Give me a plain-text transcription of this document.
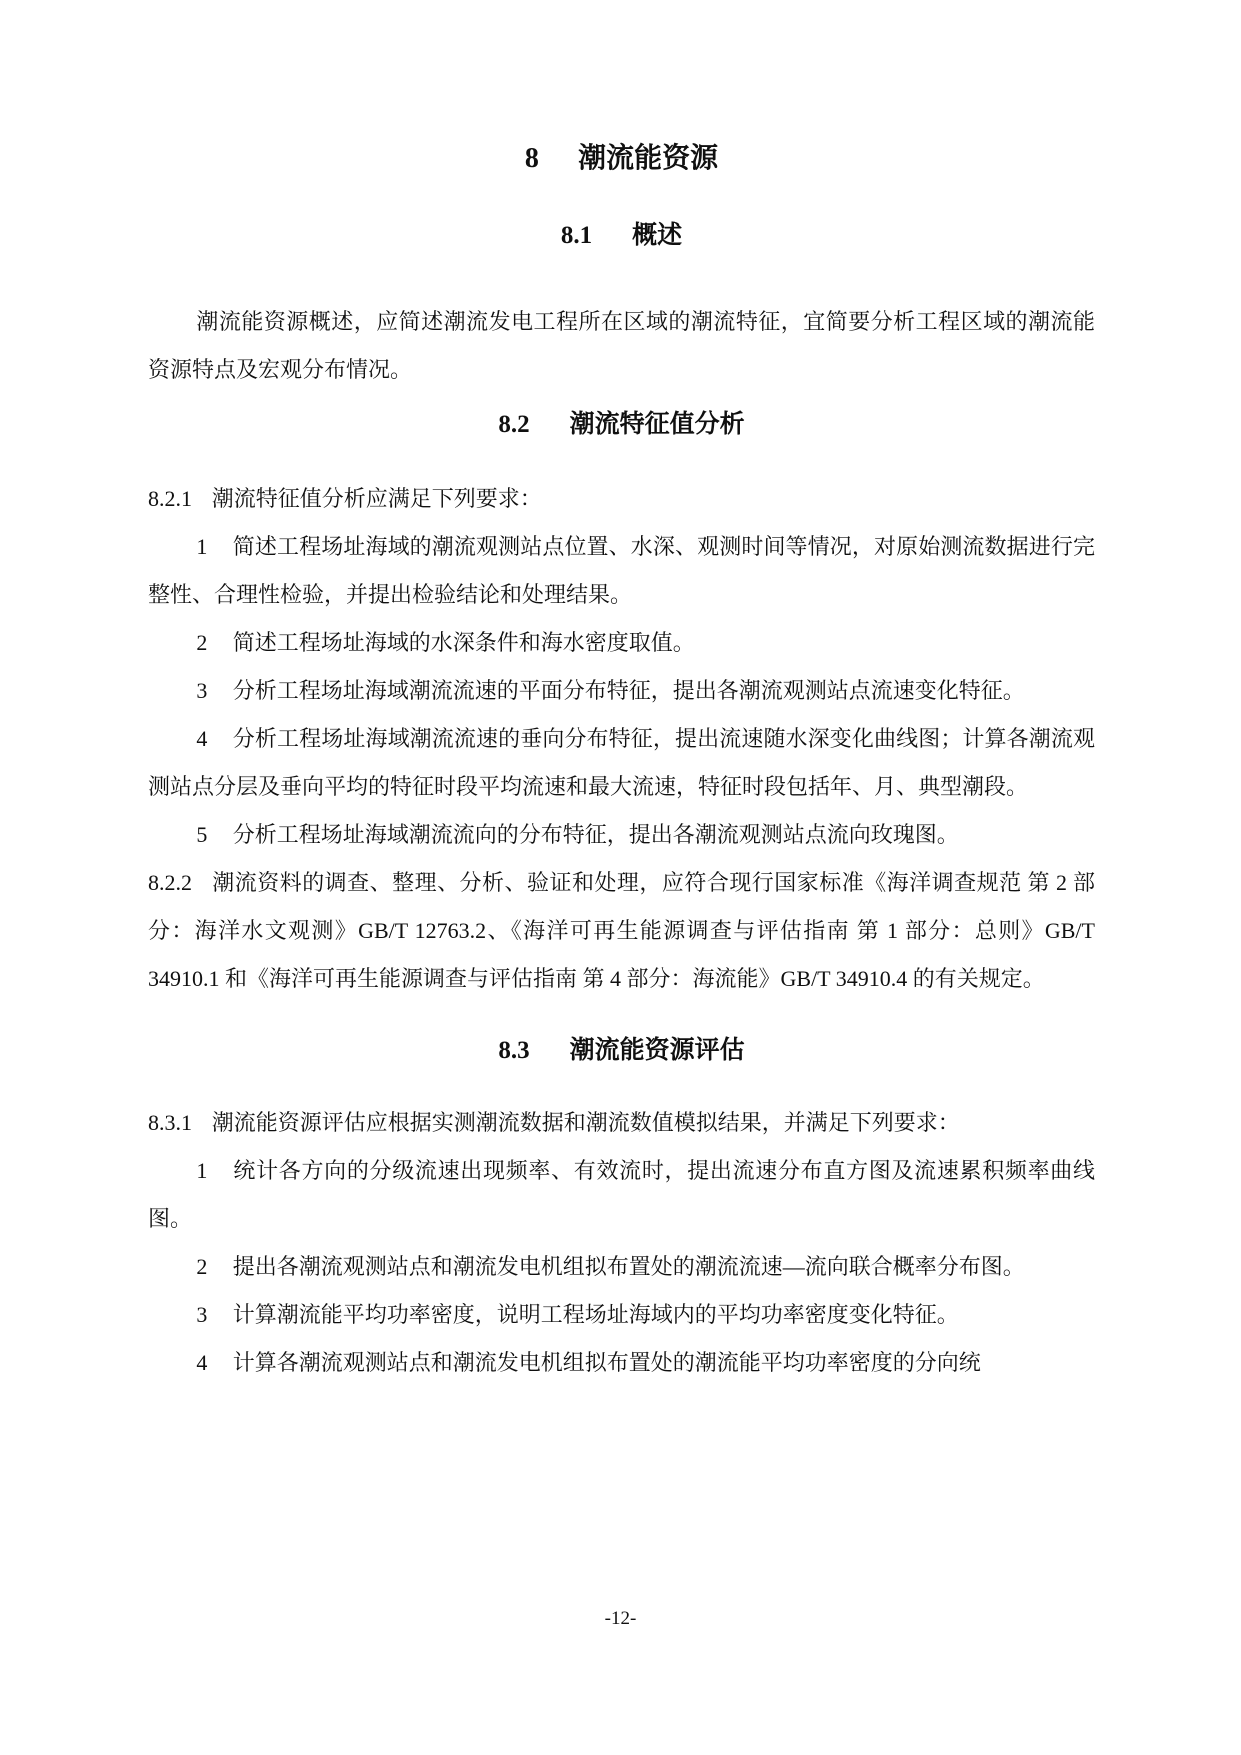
8 潮流能资源
8.1 概述

潮流能资源概述，应简述潮流发电工程所在区域的潮流特征，宜简要分析工程区域的潮流能资源特点及宏观分布情况。

8.2 潮流特征值分析

8.2.1 潮流特征值分析应满足下列要求：

1 简述工程场址海域的潮流观测站点位置、水深、观测时间等情况，对原始测流数据进行完整性、合理性检验，并提出检验结论和处理结果。

2 简述工程场址海域的水深条件和海水密度取值。

3 分析工程场址海域潮流流速的平面分布特征，提出各潮流观测站点流速变化特征。

4 分析工程场址海域潮流流速的垂向分布特征，提出流速随水深变化曲线图；计算各潮流观测站点分层及垂向平均的特征时段平均流速和最大流速，特征时段包括年、月、典型潮段。

5 分析工程场址海域潮流流向的分布特征，提出各潮流观测站点流向玫瑰图。

8.2.2 潮流资料的调查、整理、分析、验证和处理，应符合现行国家标准《海洋调查规范 第 2 部分：海洋水文观测》GB/T 12763.2、《海洋可再生能源调查与评估指南 第 1 部分：总则》GB/T 34910.1 和《海洋可再生能源调查与评估指南 第 4 部分：海流能》GB/T 34910.4 的有关规定。

8.3 潮流能资源评估

8.3.1 潮流能资源评估应根据实测潮流数据和潮流数值模拟结果，并满足下列要求：

1 统计各方向的分级流速出现频率、有效流时，提出流速分布直方图及流速累积频率曲线图。

2 提出各潮流观测站点和潮流发电机组拟布置处的潮流流速—流向联合概率分布图。

3 计算潮流能平均功率密度，说明工程场址海域内的平均功率密度变化特征。

4 计算各潮流观测站点和潮流发电机组拟布置处的潮流能平均功率密度的分向统

-12-
